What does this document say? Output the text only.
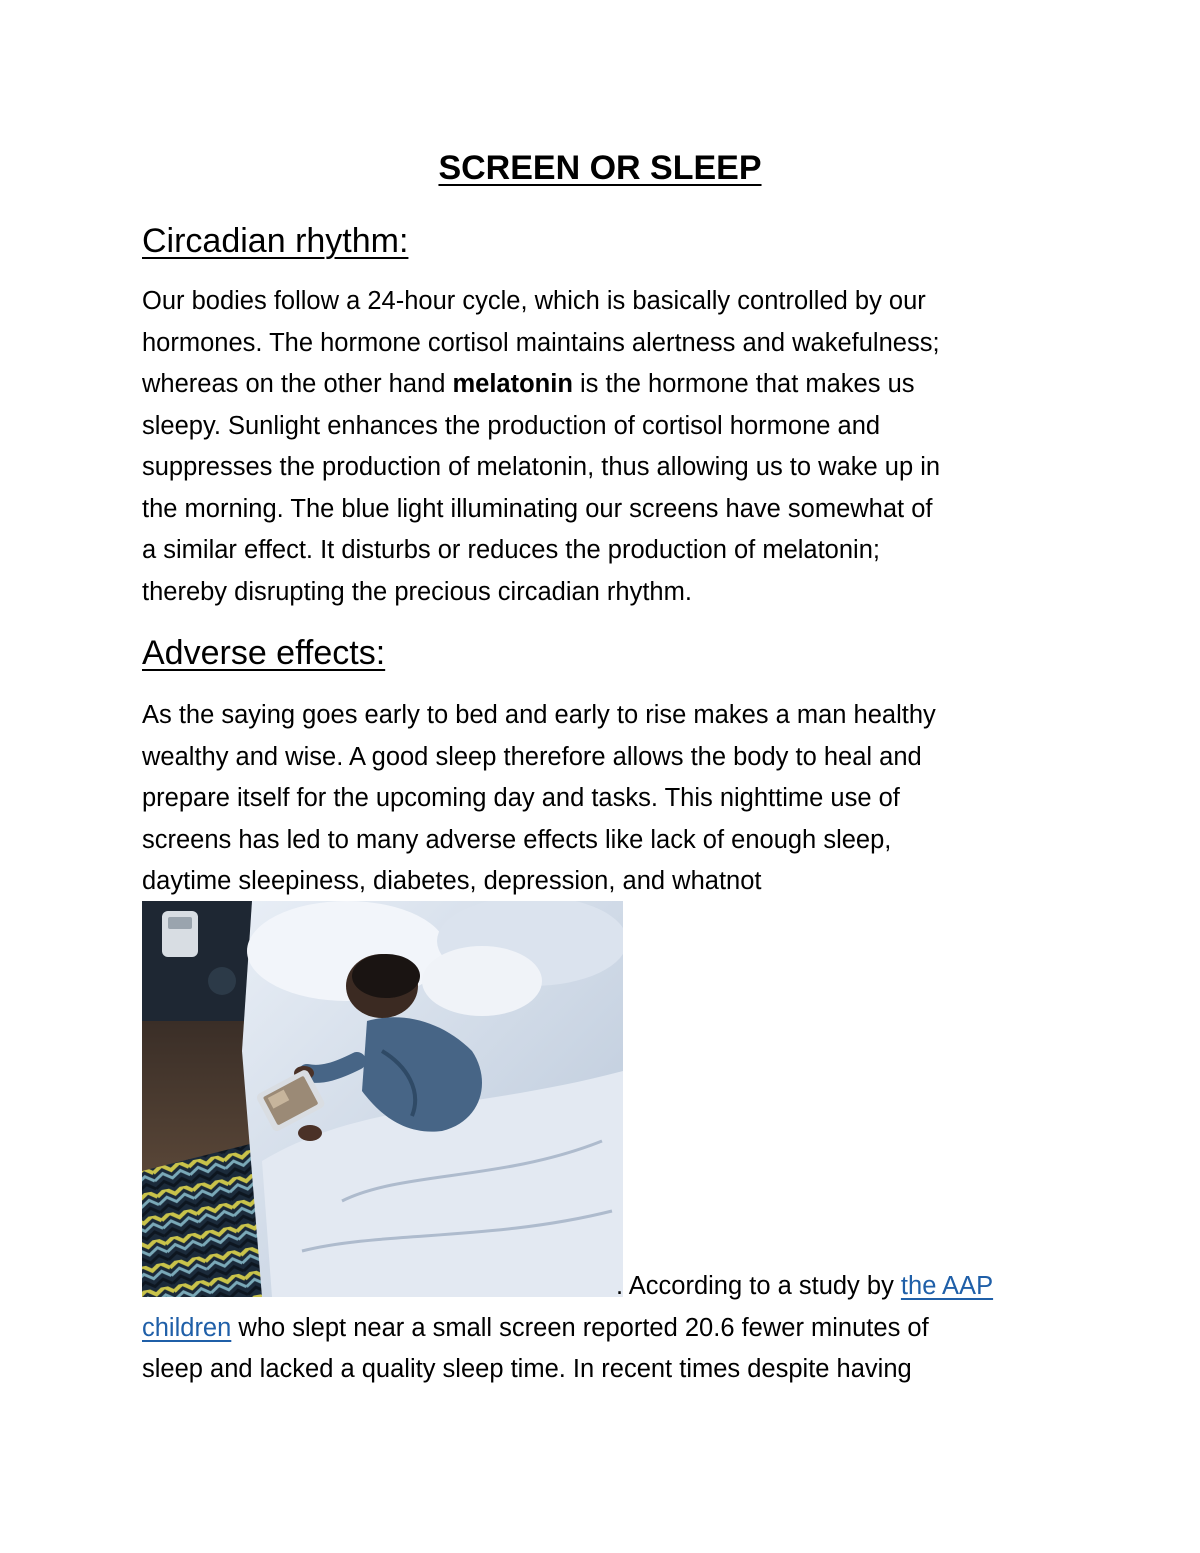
SCREEN OR SLEEP
Circadian rhythm:
Our bodies follow a 24-hour cycle, which is basically controlled by our
hormones. The hormone cortisol maintains alertness and wakefulness;
whereas on the other hand melatonin is the hormone that makes us
sleepy. Sunlight enhances the production of cortisol hormone and
suppresses the production of melatonin, thus allowing us to wake up in
the morning. The blue light illuminating our screens have somewhat of
a similar effect. It disturbs or reduces the production of melatonin;
thereby disrupting the precious circadian rhythm.
Adverse effects:
As the saying goes early to bed and early to rise makes a man healthy
wealthy and wise. A good sleep therefore allows the body to heal and
prepare itself for the upcoming day and tasks. This nighttime use of
screens has led to many adverse effects like lack of enough sleep,
daytime sleepiness, diabetes, depression, and whatnot
. According to a study by the AAP
children who slept near a small screen reported 20.6 fewer minutes of
sleep and lacked a quality sleep time. In recent times despite having
